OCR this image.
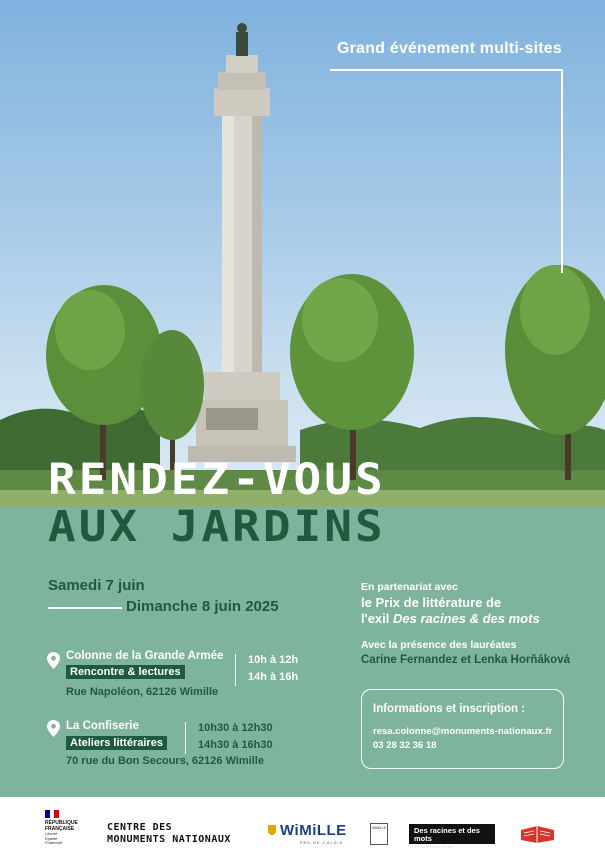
Grand événement multi-sites
RENDEZ-VOUS
AUX JARDINS
Samedi 7 juin
Dimanche 8 juin 2025
Colonne de la Grande Armée
Rencontre & lectures
Rue Napoléon, 62126 Wimille
10h à 12h
14h à 16h
La Confiserie
Ateliers littéraires
70 rue du Bon Secours, 62126 Wimille
10h30 à 12h30
14h30 à 16h30
En partenariat avec
le Prix de littérature de
l'exil Des racines & des mots
Avec la présence des lauréates
Carine Fernandez et Lenka Horňáková
Informations et inscription :
resa.colonne@monuments-nationaux.fr
03 28 32 36 18
RÉPUBLIQUE
FRANÇAISE
Liberté
Égalité
Fraternité
CENTRE DES
MONUMENTS NATIONAUX
WiMiLLE
PAS-DE-CALAIS
WIMILLE	Des racines et des mots
Prix de littérature de l'exil
